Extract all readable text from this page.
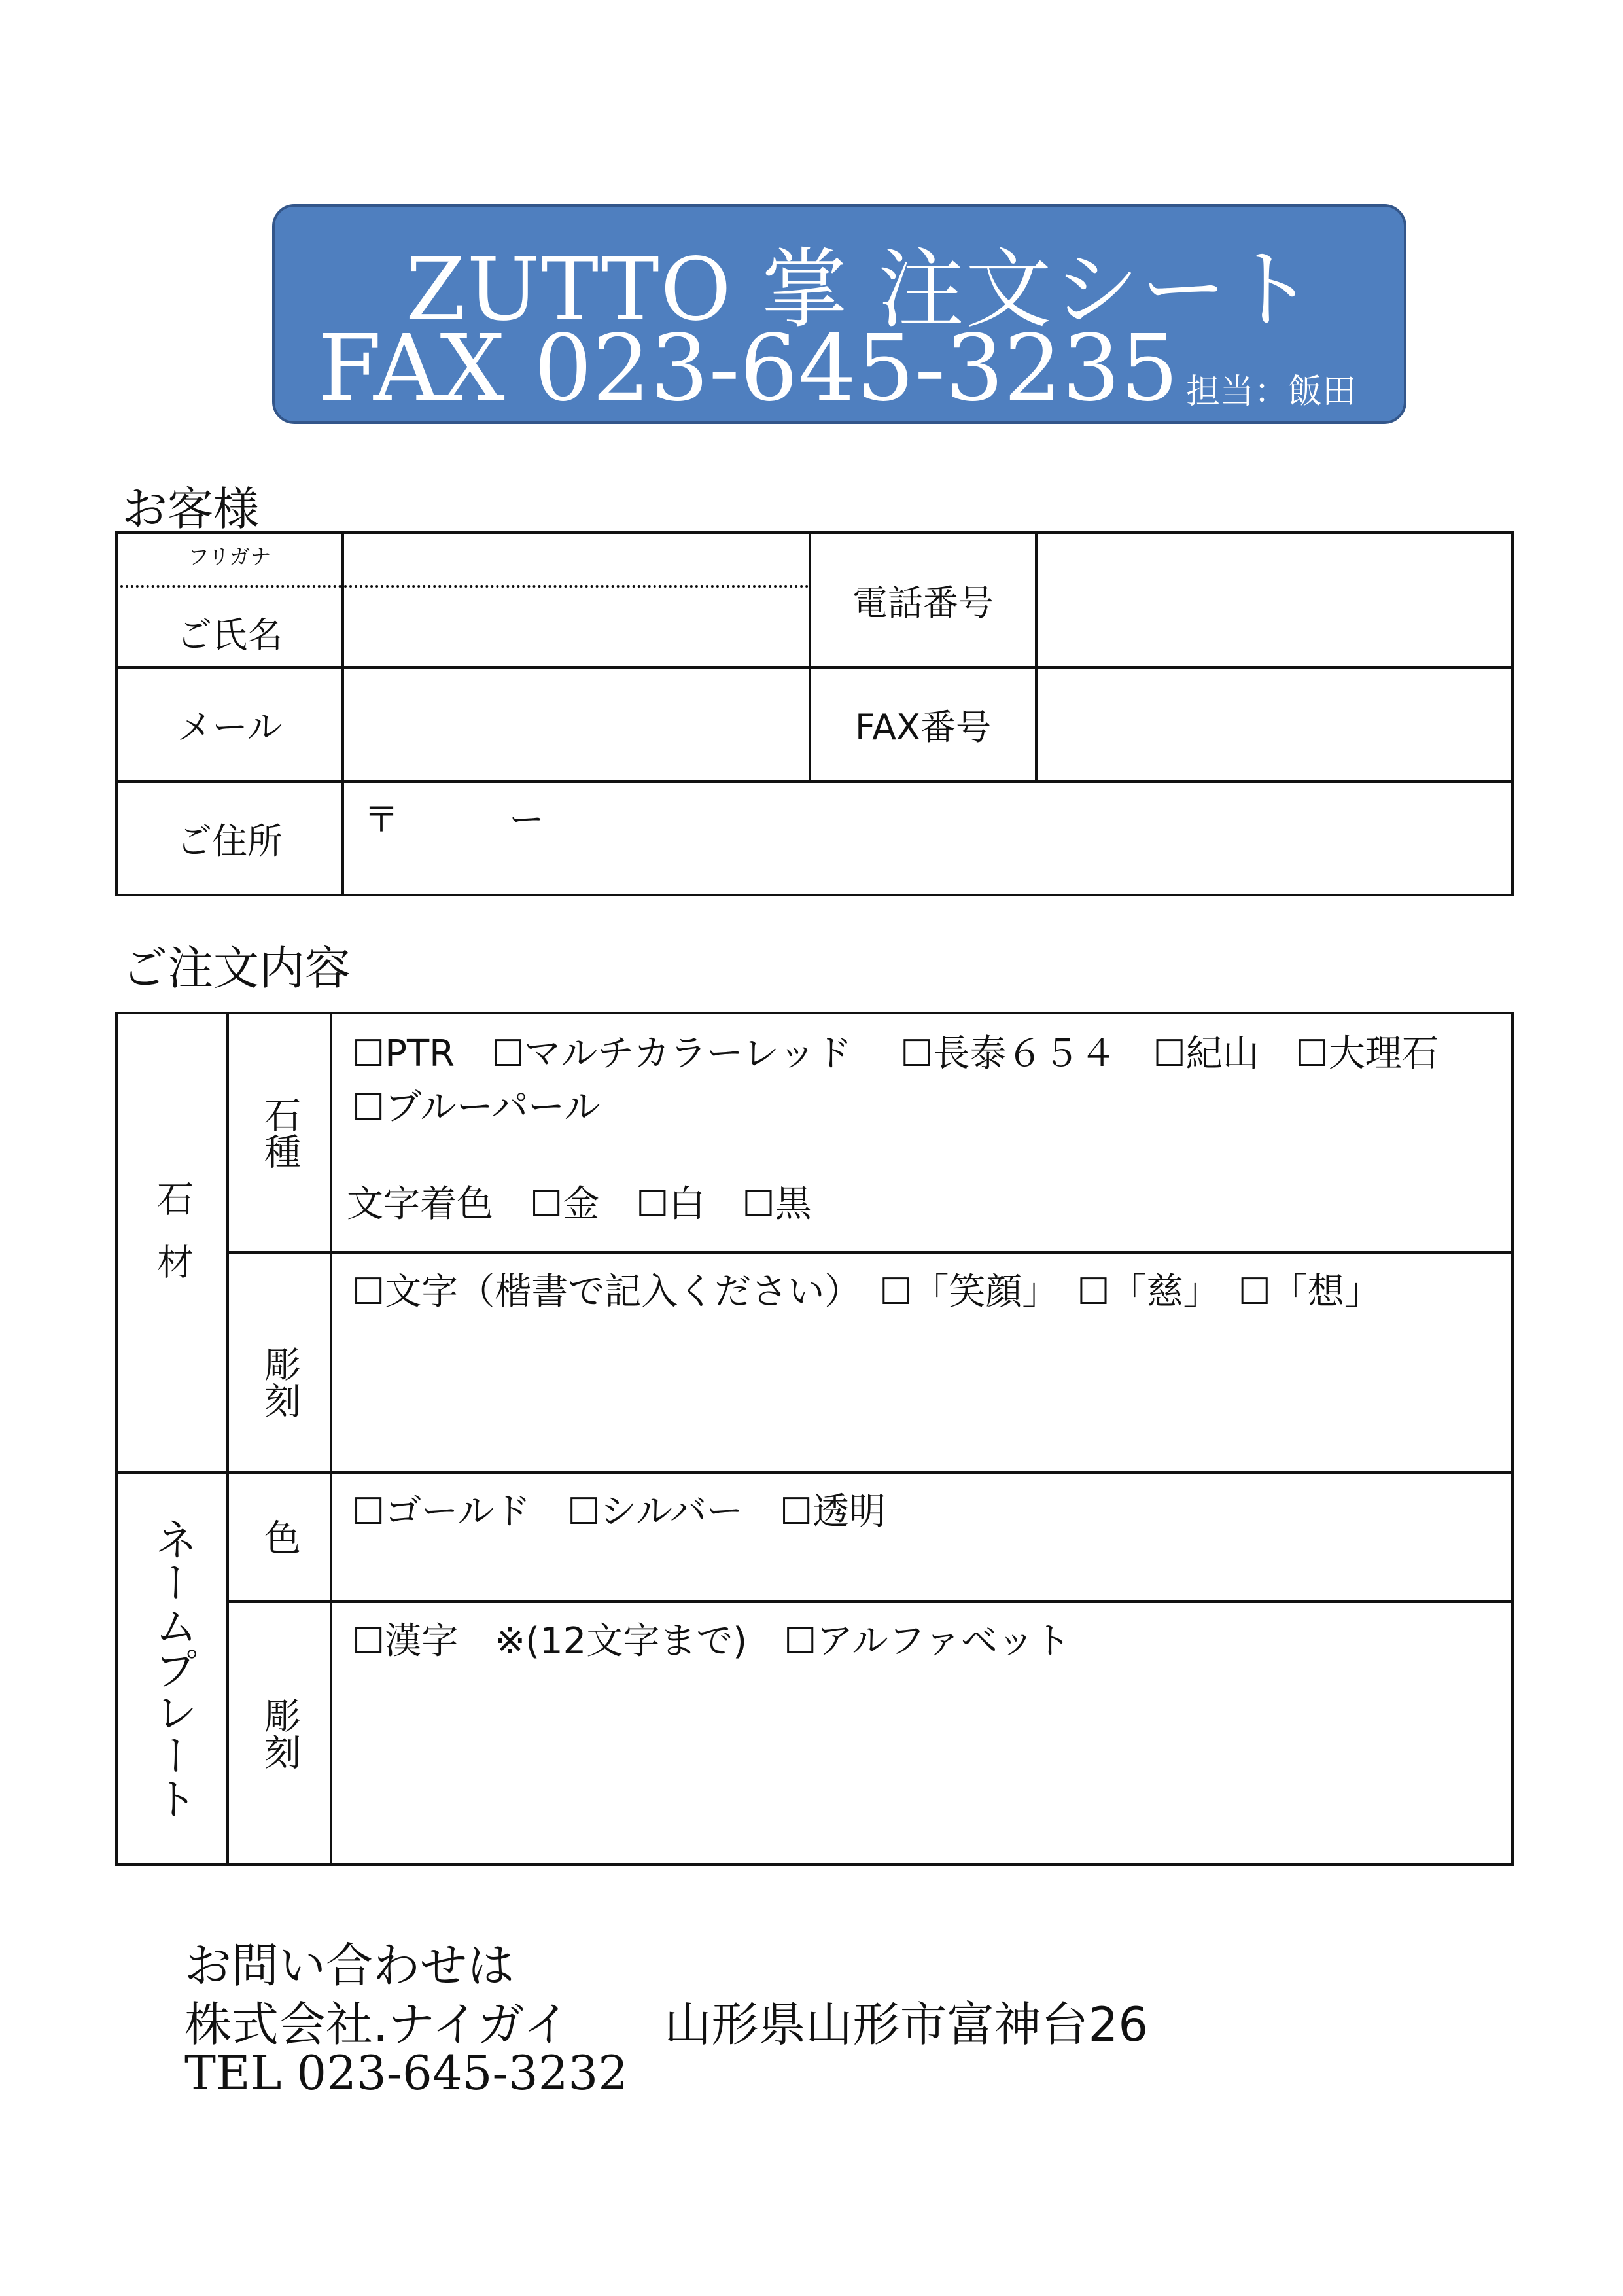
ZUTTO 掌 注文シート
FAX 023-645-3235 担当：飯田
お客様
フリガナ
ご氏名		電話番号	
メール		FAX番号	
ご住所	〒 ー		
ご注文内容
石材	石種	☐PTR　☐マルチカラーレッド　 ☐長泰６５４　☐紀山　☐大理石
☐ブルーパール
文字着色　☐金　☐白　☐黒

	彫刻	☐文字（楷書で記入ください）　☐「笑顔」　☐「慈」　☐「想」

ネームプレート	色	☐ゴールド　☐シルバー　☐透明

	彫刻	☐漢字　※(12文字まで)　☐アルファベット
お問い合わせは
株式会社.ナイガイ　　山形県山形市富神台26
TEL 023-645-3232
